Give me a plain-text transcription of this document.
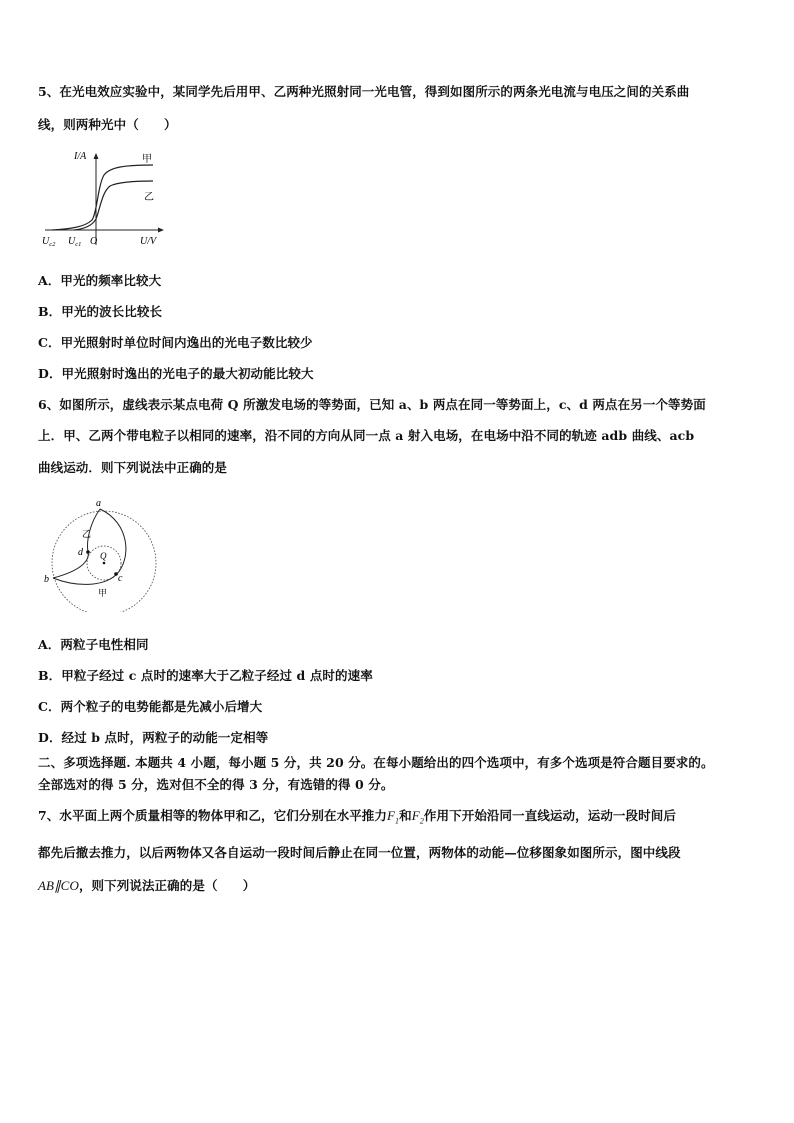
5、在光电效应实验中，某同学先后用甲、乙两种光照射同一光电管，得到如图所示的两条光电流与电压之间的关系曲
线，则两种光中（　　）
I/A	甲
乙
O	U/V
$U_{c2}$ $U_{c1}$
A．甲光的频率比较大
B．甲光的波长比较长
C．甲光照射时单位时间内逸出的光电子数比较少
D．甲光照射时逸出的光电子的最大初动能比较大
6、如图所示，虚线表示某点电荷 Q 所激发电场的等势面，已知 a、b 两点在同一等势面上，c、d 两点在另一个等势面
上．甲、乙两个带电粒子以相同的速率，沿不同的方向从同一点 a 射入电场，在电场中沿不同的轨迹 adb 曲线、acb
曲线运动．则下列说法中正确的是
a
乙
d Q
c
b
甲
A．两粒子电性相同
B．甲粒子经过 c 点时的速率大于乙粒子经过 d 点时的速率
C．两个粒子的电势能都是先减小后增大
D．经过 b 点时，两粒子的动能一定相等
二、多项选择题. 本题共 4 小题，每小题 5 分，共 20 分。在每小题给出的四个选项中，有多个选项是符合题目要求的。
全部选对的得 5 分，选对但不全的得 3 分，有选错的得 0 分。
7、水平面上两个质量相等的物体甲和乙，它们分别在水平推力$F_1$和$F_2$作用下开始沿同一直线运动，运动一段时间后
都先后撤去推力，以后两物体又各自运动一段时间后静止在同一位置，两物体的动能—位移图象如图所示，图中线段
AB∥CO，则下列说法正确的是（　　）
